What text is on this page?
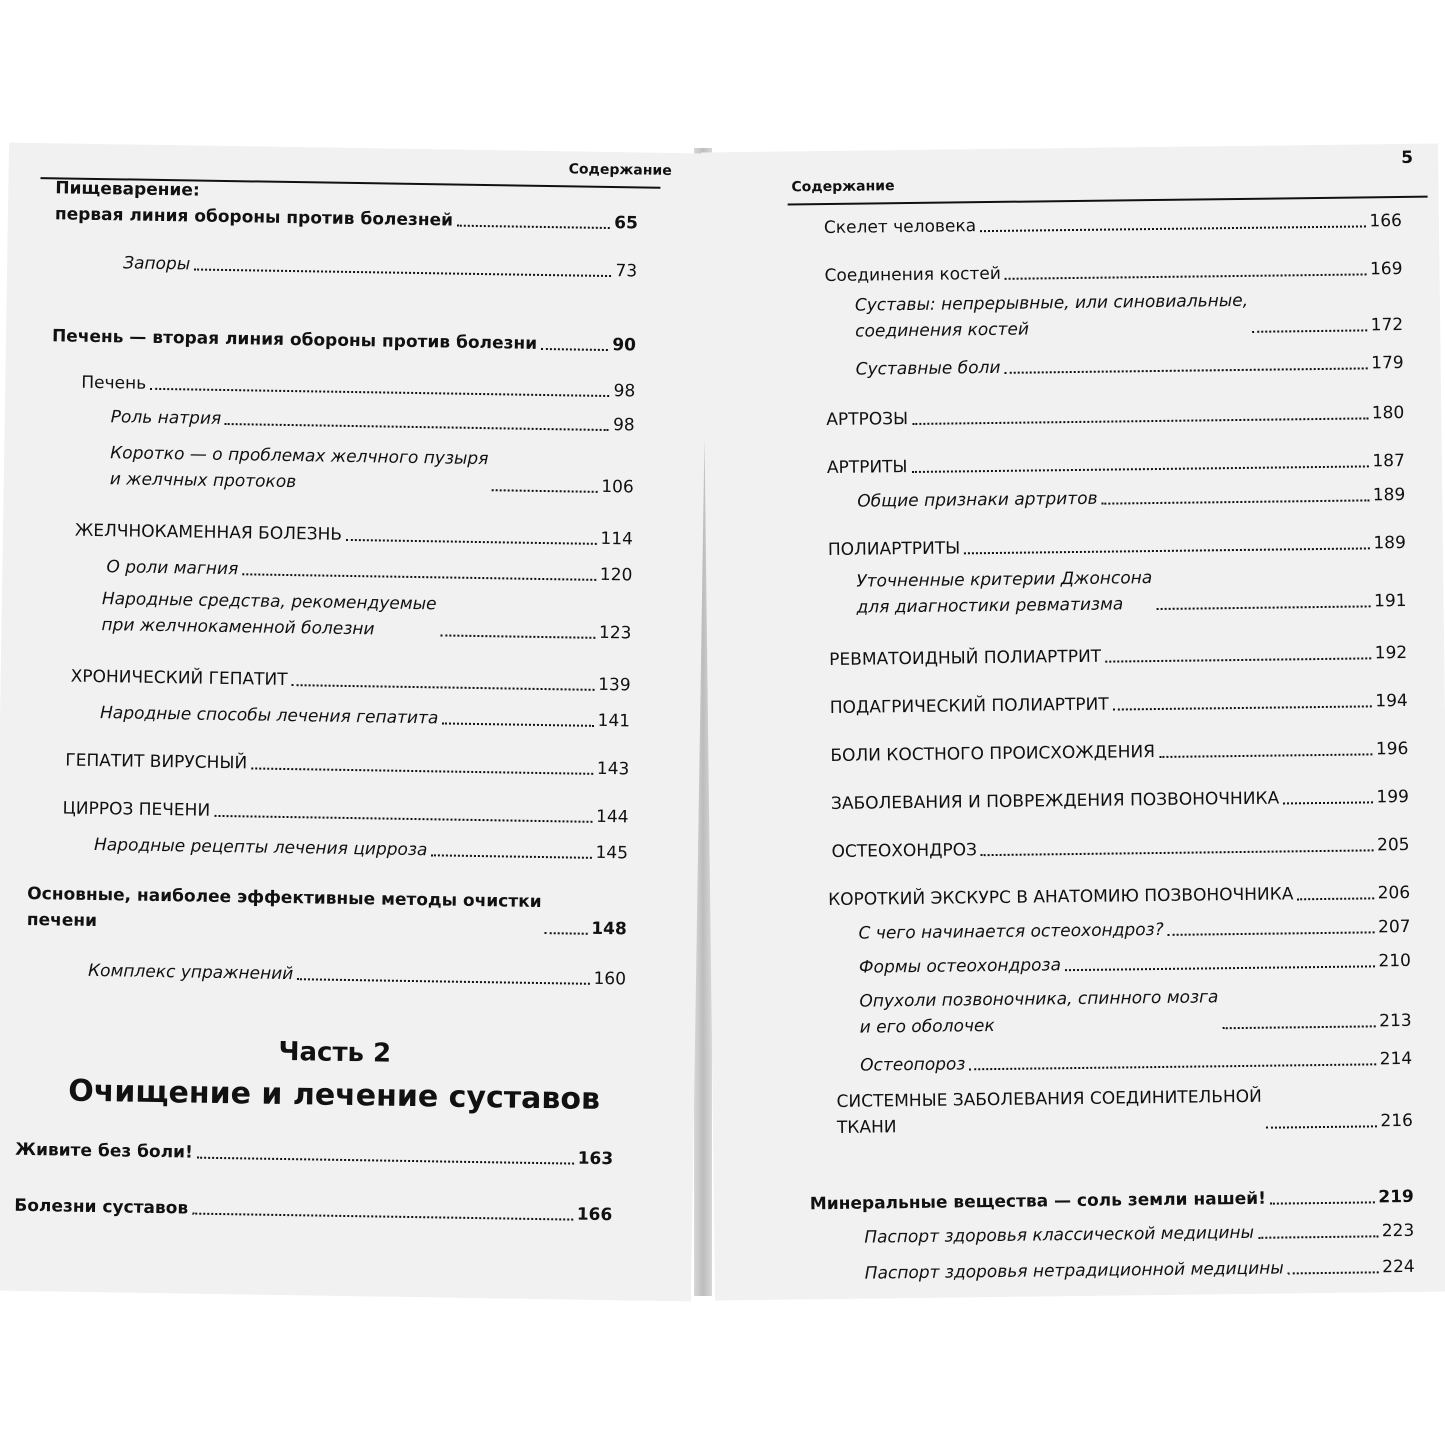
Содержание
Часть 2
Очищение и лечение суставов
Пищеварение:
первая линия обороны против болезней	65
Запоры	73
Печень — вторая линия обороны против болезни	90
Печень	98
Роль натрия	98
Коротко — о проблемах желчного пузыря
и желчных протоков	106
ЖЕЛЧНОКАМЕННАЯ БОЛЕЗНЬ	114
О роли магния	120
Народные средства, рекомендуемые
при желчнокаменной болезни	123
ХРОНИЧЕСКИЙ ГЕПАТИТ	139
Народные способы лечения гепатита	141
ГЕПАТИТ ВИРУСНЫЙ	143
ЦИРРОЗ ПЕЧЕНИ	144
Народные рецепты лечения цирроза	145
Основные, наиболее эффективные методы очистки
печени	148
Комплекс упражнений	160
Живите без боли!	163
Болезни суставов	166
Содержание
5
Скелет человека	166
Соединения костей	169
Суставы: непрерывные, или синовиальные,
соединения костей	172
Суставные боли	179
АРТРОЗЫ	180
АРТРИТЫ	187
Общие признаки артритов	189
ПОЛИАРТРИТЫ	189
Уточненные критерии Джонсона
для диагностики ревматизма	191
РЕВМАТОИДНЫЙ ПОЛИАРТРИТ	192
ПОДАГРИЧЕСКИЙ ПОЛИАРТРИТ	194
БОЛИ КОСТНОГО ПРОИСХОЖДЕНИЯ	196
ЗАБОЛЕВАНИЯ И ПОВРЕЖДЕНИЯ ПОЗВОНОЧНИКА	199
ОСТЕОХОНДРОЗ	205
КОРОТКИЙ ЭКСКУРС В АНАТОМИЮ ПОЗВОНОЧНИКА	206
С чего начинается остеохондроз?	207
Формы остеохондроза	210
Опухоли позвоночника, спинного мозга
и его оболочек	213
Остеопороз	214
СИСТЕМНЫЕ ЗАБОЛЕВАНИЯ СОЕДИНИТЕЛЬНОЙ
ТКАНИ	216
Минеральные вещества — соль земли нашей!	219
Паспорт здоровья классической медицины	223
Паспорт здоровья нетрадиционной медицины	224
